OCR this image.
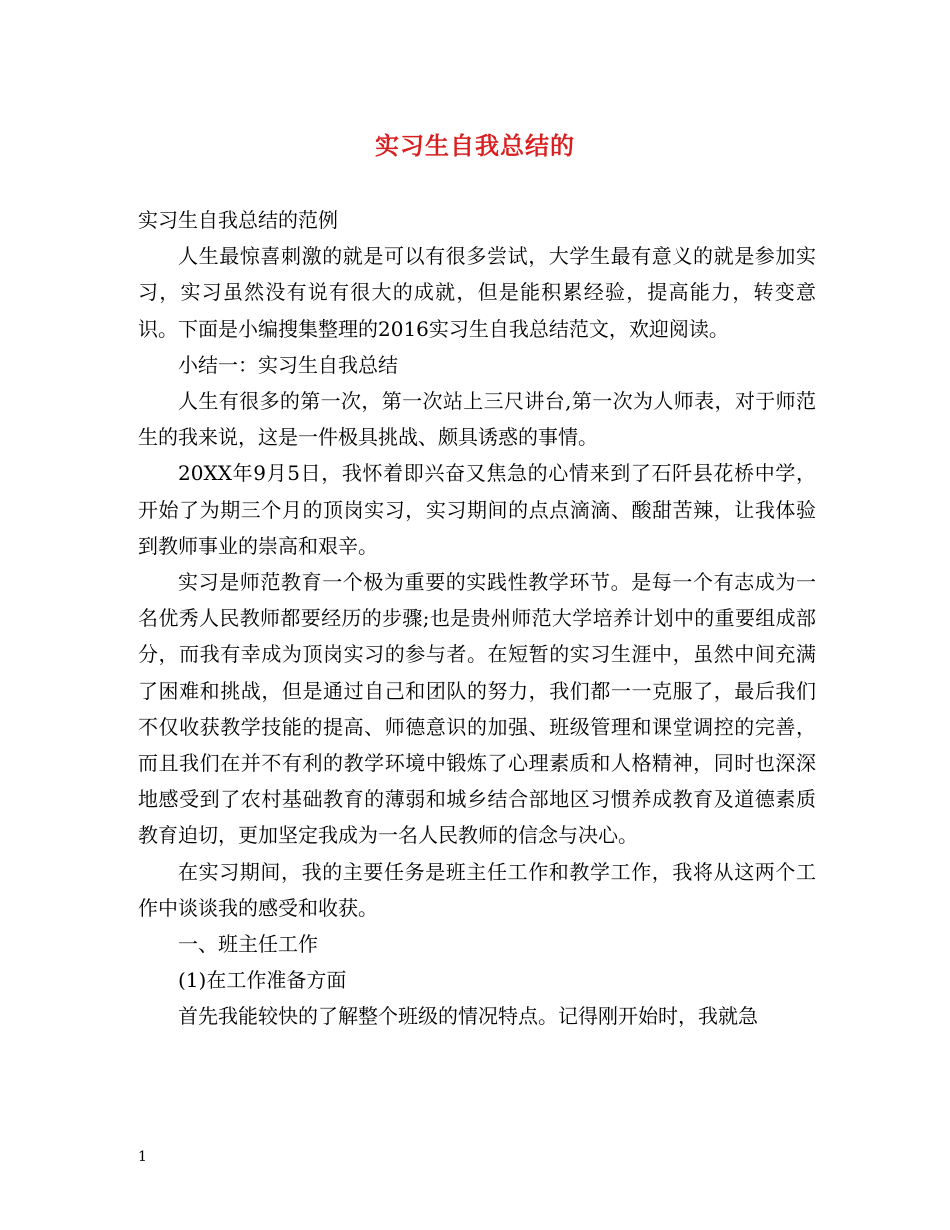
实习生自我总结的

实习生自我总结的范例

人生最惊喜刺激的就是可以有很多尝试，大学生最有意义的就是参加实习，实习虽然没有说有很大的成就，但是能积累经验，提高能力，转变意识。下面是小编搜集整理的2016实习生自我总结范文，欢迎阅读。

小结一：实习生自我总结

人生有很多的第一次，第一次站上三尺讲台,第一次为人师表，对于师范生的我来说，这是一件极具挑战、颇具诱惑的事情。

20XX年9月5日，我怀着即兴奋又焦急的心情来到了石阡县花桥中学，开始了为期三个月的顶岗实习，实习期间的点点滴滴、酸甜苦辣，让我体验到教师事业的崇高和艰辛。

实习是师范教育一个极为重要的实践性教学环节。是每一个有志成为一名优秀人民教师都要经历的步骤;也是贵州师范大学培养计划中的重要组成部分，而我有幸成为顶岗实习的参与者。在短暂的实习生涯中，虽然中间充满了困难和挑战，但是通过自己和团队的努力，我们都一一克服了，最后我们不仅收获教学技能的提高、师德意识的加强、班级管理和课堂调控的完善，而且我们在并不有利的教学环境中锻炼了心理素质和人格精神，同时也深深地感受到了农村基础教育的薄弱和城乡结合部地区习惯养成教育及道德素质教育迫切，更加坚定我成为一名人民教师的信念与决心。

在实习期间，我的主要任务是班主任工作和教学工作，我将从这两个工作中谈谈我的感受和收获。

一、班主任工作

(1)在工作准备方面

首先我能较快的了解整个班级的情况特点。记得刚开始时，我就急

1
